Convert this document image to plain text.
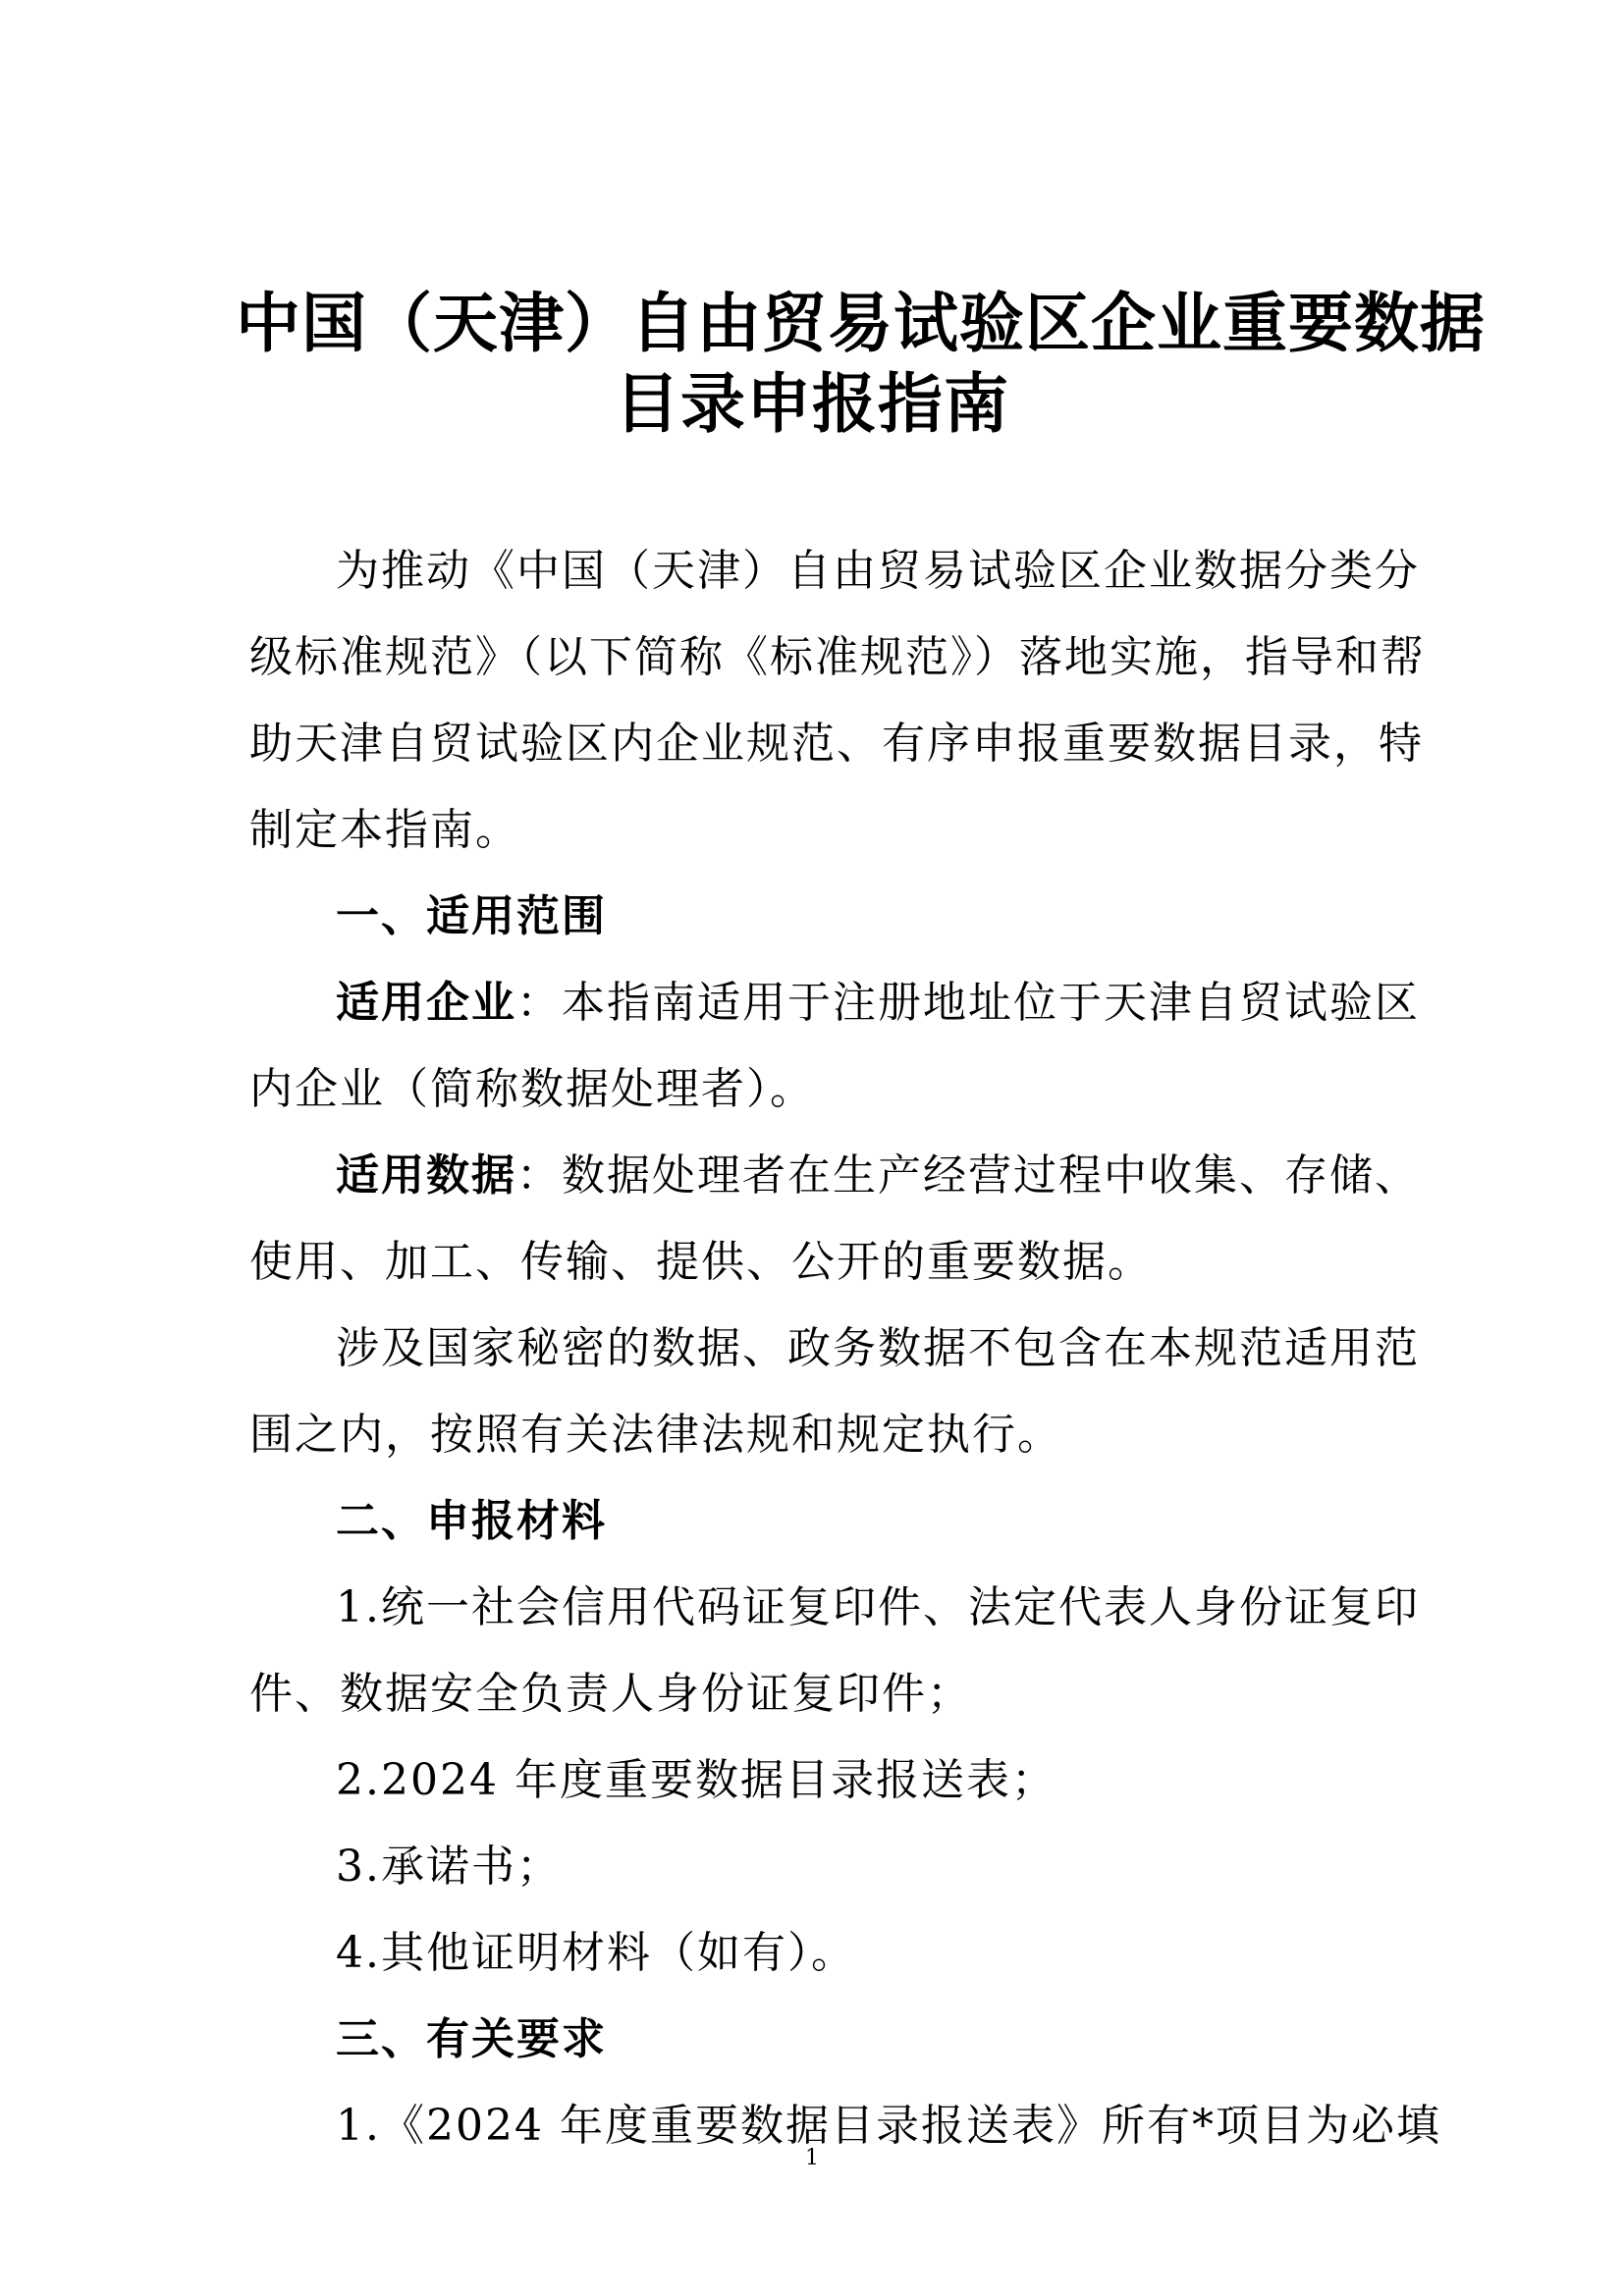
中国（天津）自由贸易试验区企业重要数据
目录申报指南
为推动《中国（天津）自由贸易试验区企业数据分类分
级标准规范》（以下简称《标准规范》）落地实施，指导和帮
助天津自贸试验区内企业规范、有序申报重要数据目录，特
制定本指南。
一、适用范围
适用企业：本指南适用于注册地址位于天津自贸试验区
内企业（简称数据处理者）。
适用数据：数据处理者在生产经营过程中收集、存储、
使用、加工、传输、提供、公开的重要数据。
涉及国家秘密的数据、政务数据不包含在本规范适用范
围之内，按照有关法律法规和规定执行。
二、申报材料
1.统一社会信用代码证复印件、法定代表人身份证复印
件、数据安全负责人身份证复印件；
2.2024 年度重要数据目录报送表；
3.承诺书；
4.其他证明材料（如有）。
三、有关要求
1.《2024 年度重要数据目录报送表》所有*项目为必填
1
